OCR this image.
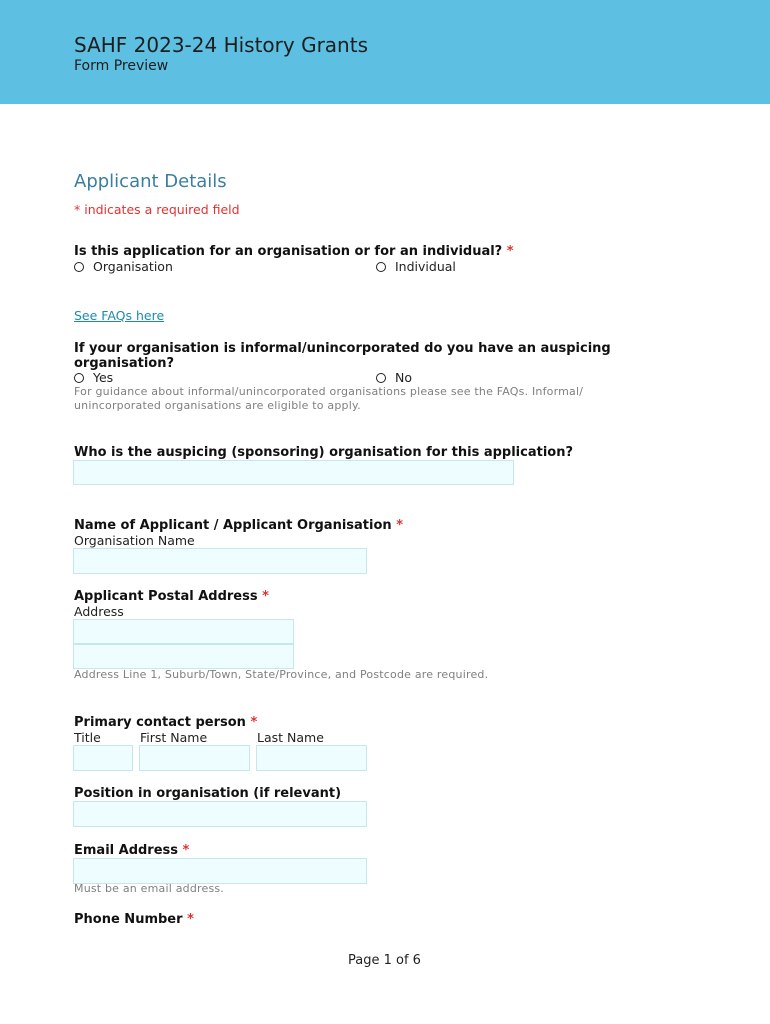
SAHF 2023-24 History Grants
Form Preview
Applicant Details
* indicates a required field
Is this application for an organisation or for an individual? *
Organisation	Individual
See FAQs here
If your organisation is informal/unincorporated do you have an auspicing
organisation?
Yes	No
For guidance about informal/unincorporated organisations please see the FAQs. Informal/
unincorporated organisations are eligible to apply.
Who is the auspicing (sponsoring) organisation for this application?
Name of Applicant / Applicant Organisation *
Organisation Name
Applicant Postal Address *
Address
Address Line 1, Suburb/Town, State/Province, and Postcode are required.
Primary contact person *
Title	First Name	Last Name
Position in organisation (if relevant)
Email Address *
Must be an email address.
Phone Number *
Page 1 of 6
